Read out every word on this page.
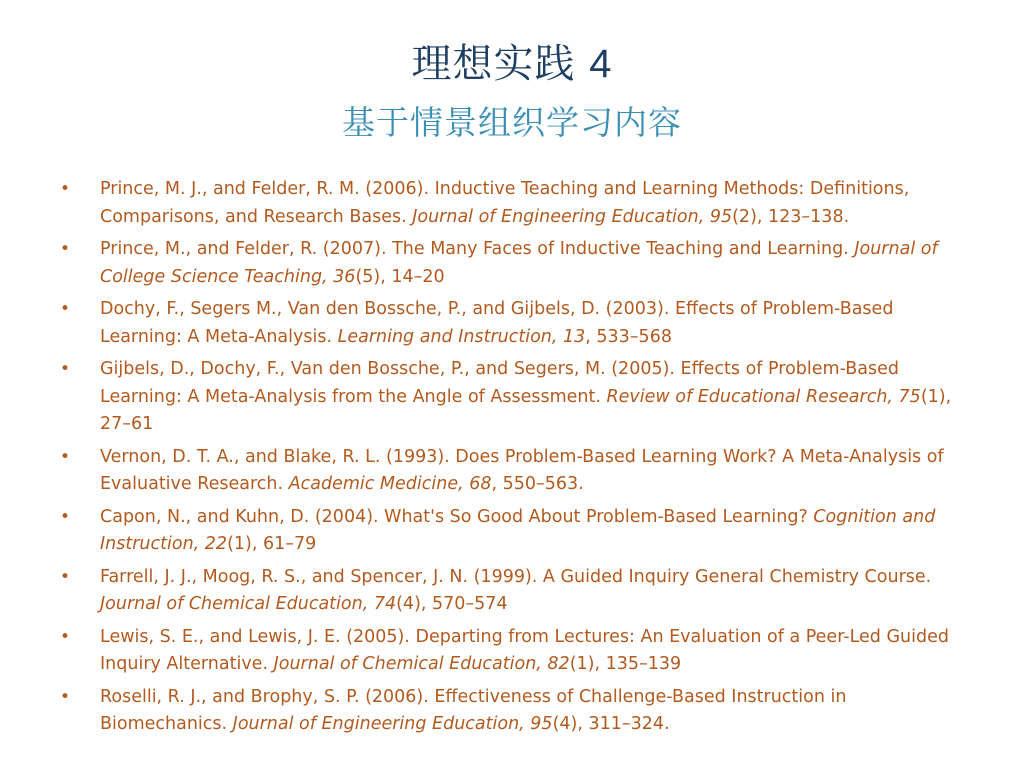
理想实践 4
基于情景组织学习内容
• Prince, M. J., and Felder, R. M. (2006). Inductive Teaching and Learning Methods: Definitions, Comparisons, and Research Bases. Journal of Engineering Education, 95(2), 123–138.
• Prince, M., and Felder, R. (2007). The Many Faces of Inductive Teaching and Learning. Journal of College Science Teaching, 36(5), 14–20
• Dochy, F., Segers M., Van den Bossche, P., and Gijbels, D. (2003). Effects of Problem-Based Learning: A Meta-Analysis. Learning and Instruction, 13, 533–568
• Gijbels, D., Dochy, F., Van den Bossche, P., and Segers, M. (2005). Effects of Problem-Based Learning: A Meta-Analysis from the Angle of Assessment. Review of Educational Research, 75(1), 27–61
• Vernon, D. T. A., and Blake, R. L. (1993). Does Problem-Based Learning Work? A Meta-Analysis of Evaluative Research. Academic Medicine, 68, 550–563.
• Capon, N., and Kuhn, D. (2004). What's So Good About Problem-Based Learning? Cognition and Instruction, 22(1), 61–79
• Farrell, J. J., Moog, R. S., and Spencer, J. N. (1999). A Guided Inquiry General Chemistry Course. Journal of Chemical Education, 74(4), 570–574
• Lewis, S. E., and Lewis, J. E. (2005). Departing from Lectures: An Evaluation of a Peer-Led Guided Inquiry Alternative. Journal of Chemical Education, 82(1), 135–139
• Roselli, R. J., and Brophy, S. P. (2006). Effectiveness of Challenge-Based Instruction in Biomechanics. Journal of Engineering Education, 95(4), 311–324.
